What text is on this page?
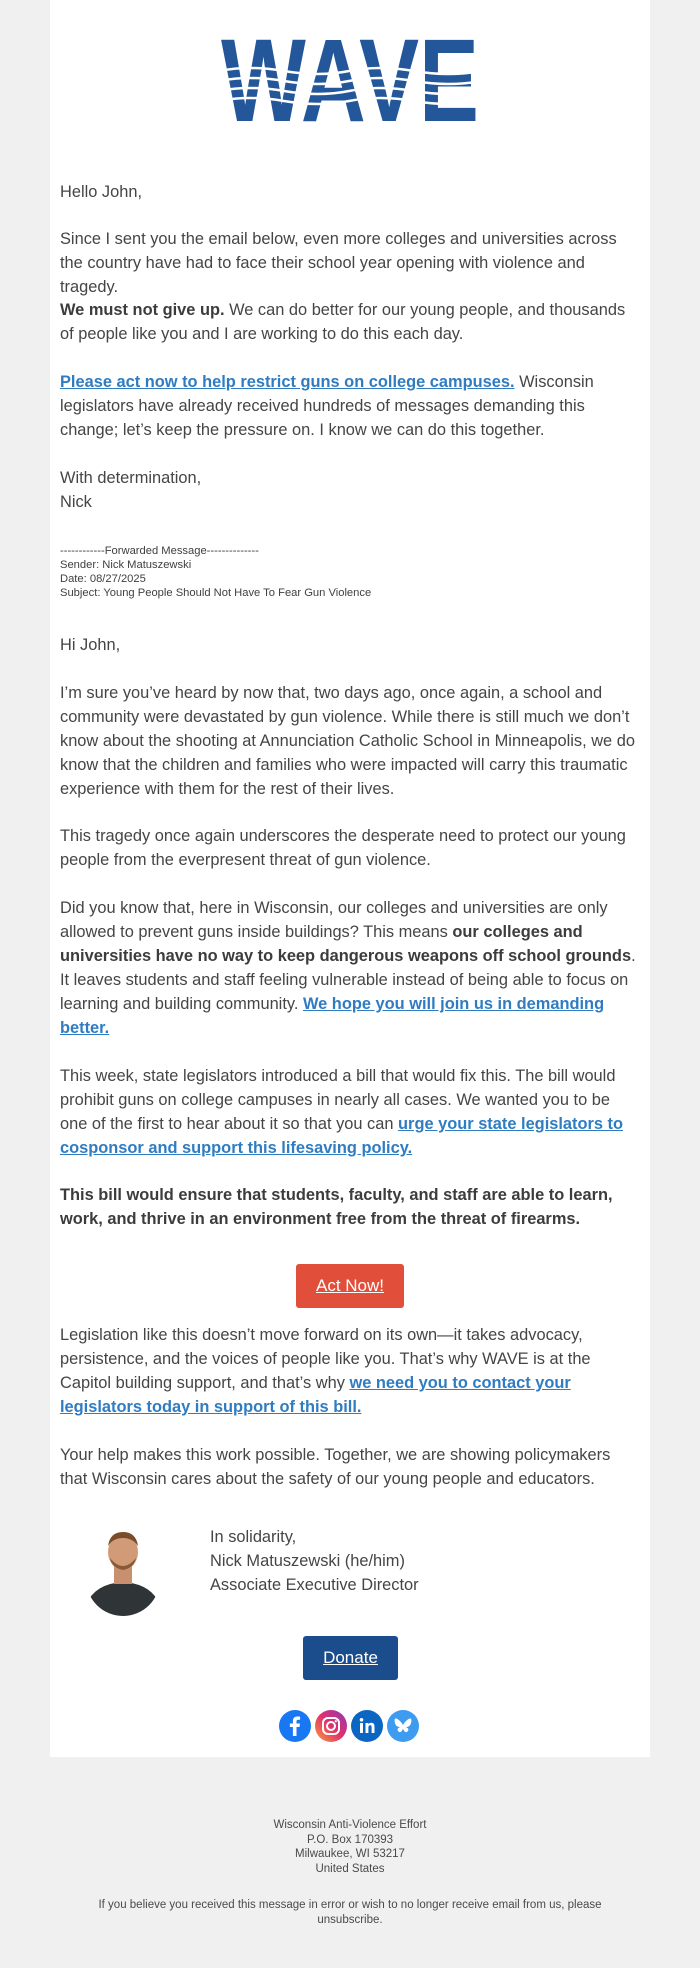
Hello John,
Since I sent you the email below, even more colleges and universities across the country have had to face their school year opening with violence and tragedy.
We must not give up. We can do better for our young people, and thousands of people like you and I are working to do this each day.
Please act now to help restrict guns on college campuses. Wisconsin legislators have already received hundreds of messages demanding this change; let’s keep the pressure on. I know we can do this together.
With determination,
Nick
------------Forwarded Message--------------
Sender: Nick Matuszewski
Date: 08/27/2025
Subject: Young People Should Not Have To Fear Gun Violence
Hi John,
I’m sure you’ve heard by now that, two days ago, once again, a school and community were devastated by gun violence. While there is still much we don’t know about the shooting at Annunciation Catholic School in Minneapolis, we do know that the children and families who were impacted will carry this traumatic experience with them for the rest of their lives.
This tragedy once again underscores the desperate need to protect our young people from the everpresent threat of gun violence.
Did you know that, here in Wisconsin, our colleges and universities are only allowed to prevent guns inside buildings? This means our colleges and universities have no way to keep dangerous weapons off school grounds. It leaves students and staff feeling vulnerable instead of being able to focus on learning and building community. We hope you will join us in demanding better.
This week, state legislators introduced a bill that would fix this. The bill would prohibit guns on college campuses in nearly all cases. We wanted you to be one of the first to hear about it so that you can urge your state legislators to cosponsor and support this lifesaving policy.
This bill would ensure that students, faculty, and staff are able to learn, work, and thrive in an environment free from the threat of firearms.
Act Now!
Legislation like this doesn’t move forward on its own—it takes advocacy, persistence, and the voices of people like you. That’s why WAVE is at the Capitol building support, and that’s why we need you to contact your legislators today in support of this bill.
Your help makes this work possible. Together, we are showing policymakers that Wisconsin cares about the safety of our young people and educators.
In solidarity,
Nick Matuszewski (he/him)
Associate Executive Director
Donate
Wisconsin Anti-Violence Effort
P.O. Box 170393
Milwaukee, WI 53217
United States
If you believe you received this message in error or wish to no longer receive email from us, please unsubscribe.
